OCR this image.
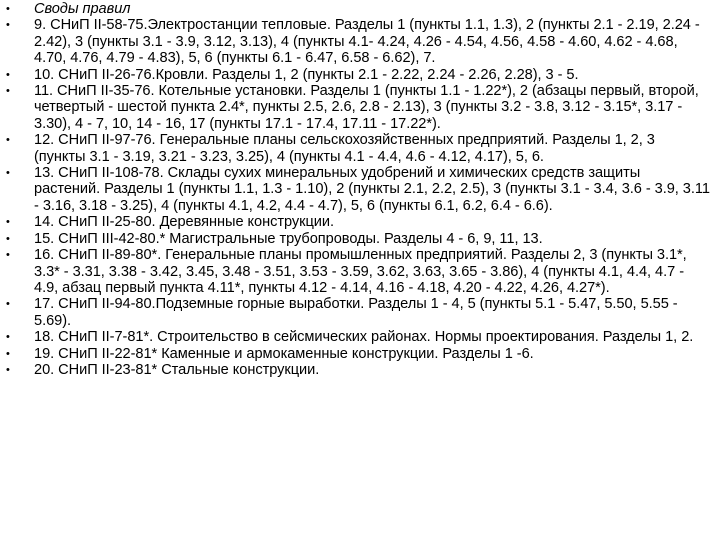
•	Своды правил
•	9. СНиП II-58-75.Электростанции тепловые. Разделы 1 (пункты 1.1, 1.3), 2 (пункты 2.1 - 2.19, 2.24 - 2.42), 3 (пункты 3.1 - 3.9, 3.12, 3.13), 4 (пункты 4.1- 4.24, 4.26 - 4.54, 4.56, 4.58 - 4.60, 4.62 - 4.68, 4.70, 4.76, 4.79 - 4.83), 5, 6 (пункты 6.1 - 6.47, 6.58 - 6.62), 7.
•	10. СНиП II-26-76.Кровли. Разделы 1, 2 (пункты 2.1 - 2.22, 2.24 - 2.26, 2.28), 3 - 5.
•	11. СНиП II-35-76. Котельные установки. Разделы 1 (пункты 1.1 - 1.22*), 2 (абзацы первый, второй, четвертый - шестой пункта 2.4*, пункты 2.5, 2.6, 2.8 - 2.13), 3 (пункты 3.2 - 3.8, 3.12 - 3.15*, 3.17 - 3.30), 4 - 7, 10, 14 - 16, 17 (пункты 17.1 - 17.4, 17.11 - 17.22*).
•	12. СНиП II-97-76. Генеральные планы сельскохозяйственных предприятий. Разделы 1, 2, 3 (пункты 3.1 - 3.19, 3.21 - 3.23, 3.25), 4 (пункты 4.1 - 4.4, 4.6 - 4.12, 4.17), 5, 6.
•	13. СНиП II-108-78. Склады сухих минеральных удобрений и химических средств защиты растений. Разделы 1 (пункты 1.1, 1.3 - 1.10), 2 (пункты 2.1, 2.2, 2.5), 3 (пункты 3.1 - 3.4, 3.6 - 3.9, 3.11 - 3.16, 3.18 - 3.25), 4 (пункты 4.1, 4.2, 4.4 - 4.7), 5, 6 (пункты 6.1, 6.2, 6.4 - 6.6).
•	14. СНиП II-25-80. Деревянные конструкции.
•	15. СНиП III-42-80.* Магистральные трубопроводы. Разделы 4 - 6, 9, 11, 13.
•	16. СНиП II-89-80*. Генеральные планы промышленных предприятий. Разделы 2, 3 (пункты 3.1*, 3.3* - 3.31, 3.38 - 3.42, 3.45, 3.48 - 3.51, 3.53 - 3.59, 3.62, 3.63, 3.65 - 3.86), 4 (пункты 4.1, 4.4, 4.7 - 4.9, абзац первый пункта 4.11*, пункты 4.12 - 4.14, 4.16 - 4.18, 4.20 - 4.22, 4.26, 4.27*).
•	17. СНиП II-94-80.Подземные горные выработки. Разделы 1 - 4, 5 (пункты 5.1 - 5.47, 5.50, 5.55 - 5.69).
•	18. СНиП II-7-81*. Строительство в сейсмических районах. Нормы проектирования. Разделы 1, 2.
•	19. СНиП II-22-81* Каменные и армокаменные конструкции. Разделы 1 -6.
•	20. СНиП II-23-81* Стальные конструкции.
